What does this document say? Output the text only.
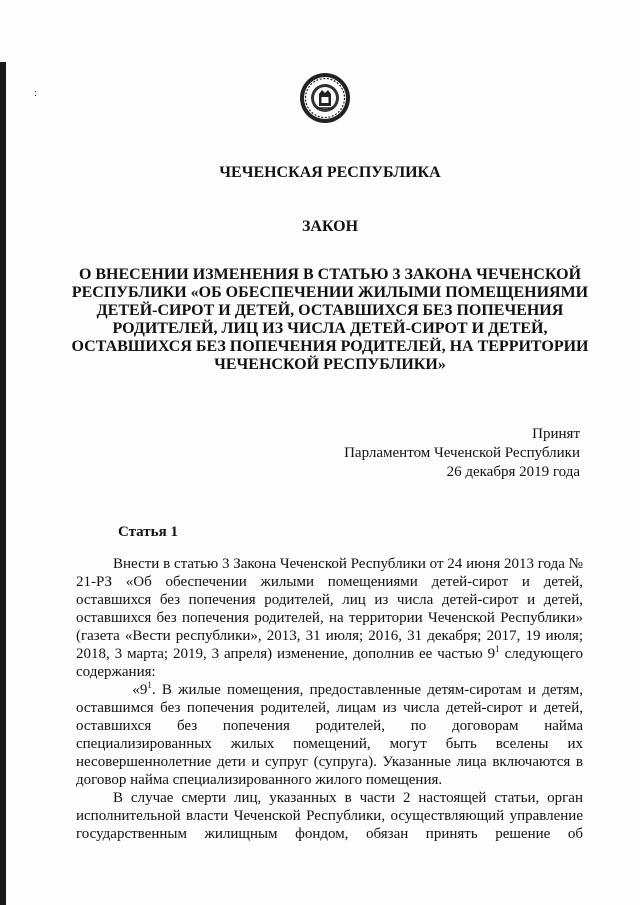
:
ЧЕЧЕНСКАЯ РЕСПУБЛИКА
ЗАКОН
О ВНЕСЕНИИ ИЗМЕНЕНИЯ В СТАТЬЮ 3 ЗАКОНА ЧЕЧЕНСКОЙ
РЕСПУБЛИКИ «ОБ ОБЕСПЕЧЕНИИ ЖИЛЫМИ ПОМЕЩЕНИЯМИ
ДЕТЕЙ-СИРОТ И ДЕТЕЙ, ОСТАВШИХСЯ БЕЗ ПОПЕЧЕНИЯ
РОДИТЕЛЕЙ, ЛИЦ ИЗ ЧИСЛА ДЕТЕЙ-СИРОТ И ДЕТЕЙ,
ОСТАВШИХСЯ БЕЗ ПОПЕЧЕНИЯ РОДИТЕЛЕЙ, НА ТЕРРИТОРИИ
ЧЕЧЕНСКОЙ РЕСПУБЛИКИ»
Принят
Парламентом Чеченской Республики
26 декабря 2019 года
Статья 1

Внести в статью 3 Закона Чеченской Республики от 24 июня 2013 года № 21-РЗ «Об обеспечении жилыми помещениями детей-сирот и детей, оставшихся без попечения родителей, лиц из числа детей-сирот и детей, оставшихся без попечения родителей, на территории Чеченской Республики» (газета «Вести республики», 2013, 31 июля; 2016, 31 декабря; 2017, 19 июля; 2018, 3 марта; 2019, 3 апреля) изменение, дополнив ее частью $9^1$ следующего содержания:

«$9^1$. В жилые помещения, предоставленные детям-сиротам и детям, оставшимся без попечения родителей, лицам из числа детей-сирот и детей, оставшихся без попечения родителей, по договорам найма специализированных жилых помещений, могут быть вселены их несовершеннолетние дети и супруг (супруга). Указанные лица включаются в договор найма специализированного жилого помещения.

В случае смерти лиц, указанных в части 2 настоящей статьи, орган исполнительной власти Чеченской Республики, осуществляющий управление государственным жилищным фондом, обязан принять решение об
